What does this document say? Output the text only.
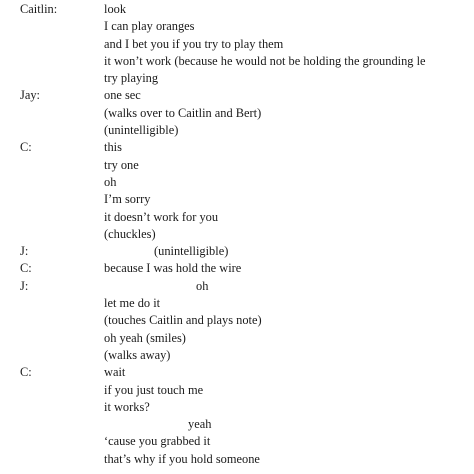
Caitlin:	look
I can play oranges
and I bet you if you try to play them
it won’t work (because he would not be holding the grounding le
try playing
Jay:	one sec
(walks over to Caitlin and Bert)
(unintelligible)
C:	this
try one
oh
I’m sorry
it doesn’t work for you
(chuckles)
J:	(unintelligible)
C:	because I was hold the wire
J:	oh
let me do it
(touches Caitlin and plays note)
oh yeah (smiles)
(walks away)
C:	wait
if you just touch me
it works?
yeah
‘cause you grabbed it
that’s why if you hold someone
